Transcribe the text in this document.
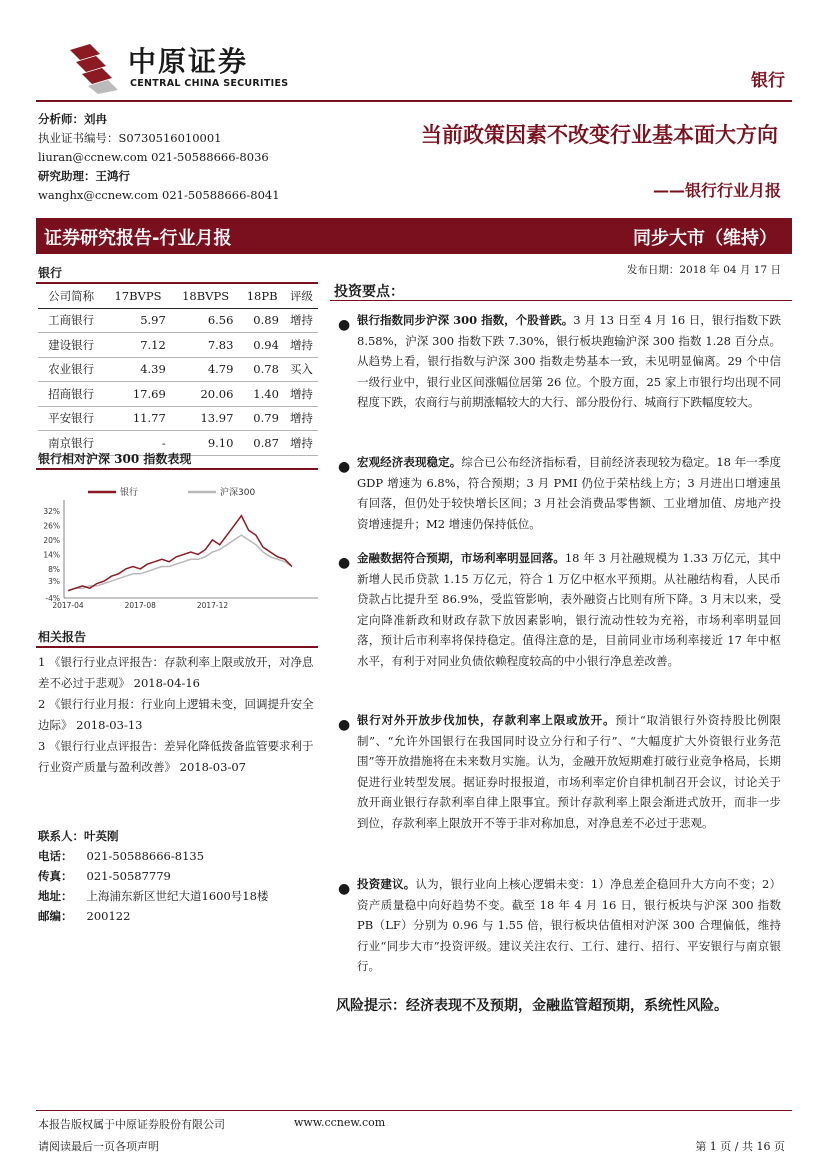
中原证券
CENTRAL CHINA SECURITIES	银行
分析师：刘冉
执业证书编号：S0730516010001
liuran@ccnew.com 021-50588666-8036
研究助理：王鸿行
wanghx@ccnew.com 021-50588666-8041
当前政策因素不改变行业基本面大方向
——银行行业月报
证券研究报告-行业月报	同步大市（维持）
发布日期：2018 年 04 月 17 日
银行
公司简称	17BVPS	18BVPS	18PB	评级
工商银行	5.97	6.56	0.89	增持
建设银行	7.12	7.83	0.94	增持
农业银行	4.39	4.79	0.78	买入
招商银行	17.69	20.06	1.40	增持
平安银行	11.77	13.97	0.79	增持
南京银行	-	9.10	0.87	增持
银行相对沪深 300 指数表现
银行	沪深300
-4%
3%
8%
14%
20%
26%
32%
2017-04	2017-08	2017-12
相关报告
1 《银行行业点评报告：存款利率上限或放开，对净息差不必过于悲观》 2018-04-16
2 《银行行业月报：行业向上逻辑未变，回调提升安全边际》 2018-03-13
3 《银行行业点评报告：差异化降低拨备监管要求利于行业资产质量与盈利改善》 2018-03-07
联系人：叶英刚
电话： 021-50588666-8135
传真： 021-50587779
地址： 上海浦东新区世纪大道1600号18楼
邮编： 200122
投资要点：
● 银行指数同步沪深 300 指数，个股普跌。3 月 13 日至 4 月 16 日，银行指数下跌 8.58%，沪深 300 指数下跌 7.30%，银行板块跑输沪深 300 指数 1.28 百分点。从趋势上看，银行指数与沪深 300 指数走势基本一致，未见明显偏离。29 个中信一级行业中，银行业区间涨幅位居第 26 位。个股方面，25 家上市银行均出现不同程度下跌，农商行与前期涨幅较大的大行、部分股份行、城商行下跌幅度较大。
● 宏观经济表现稳定。综合已公布经济指标看，目前经济表现较为稳定。18 年一季度 GDP 增速为 6.8%，符合预期；3 月 PMI 仍位于荣枯线上方；3 月进出口增速虽有回落，但仍处于较快增长区间；3 月社会消费品零售额、工业增加值、房地产投资增速提升；M2 增速仍保持低位。
● 金融数据符合预期，市场利率明显回落。18 年 3 月社融规模为 1.33 万亿元，其中新增人民币贷款 1.15 万亿元，符合 1 万亿中枢水平预期。从社融结构看，人民币贷款占比提升至 86.9%，受监管影响，表外融资占比则有所下降。3 月末以来，受定向降准新政和财政存款下放因素影响，银行流动性较为充裕，市场利率明显回落，预计后市利率将保持稳定。值得注意的是，目前同业市场利率接近 17 年中枢水平，有利于对同业负债依赖程度较高的中小银行净息差改善。
● 银行对外开放步伐加快，存款利率上限或放开。预计“取消银行外资持股比例限制”、“允许外国银行在我国同时设立分行和子行”、“大幅度扩大外资银行业务范围”等开放措施将在未来数月实施。认为，金融开放短期难打破行业竞争格局，长期促进行业转型发展。据证券时报报道，市场利率定价自律机制召开会议，讨论关于放开商业银行存款利率自律上限事宜。预计存款利率上限会渐进式放开，而非一步到位，存款利率上限放开不等于非对称加息，对净息差不必过于悲观。
● 投资建议。认为，银行业向上核心逻辑未变：1）净息差企稳回升大方向不变；2）资产质量稳中向好趋势不变。截至 18 年 4 月 16 日，银行板块与沪深 300 指数 PB（LF）分别为 0.96 与 1.55 倍，银行板块估值相对沪深 300 合理偏低，维持行业“同步大市”投资评级。建议关注农行、工行、建行、招行、平安银行与南京银行。
风险提示：经济表现不及预期，金融监管超预期，系统性风险。
本报告版权属于中原证券股份有限公司	www.ccnew.com
请阅读最后一页各项声明	第 1 页 / 共 16 页
